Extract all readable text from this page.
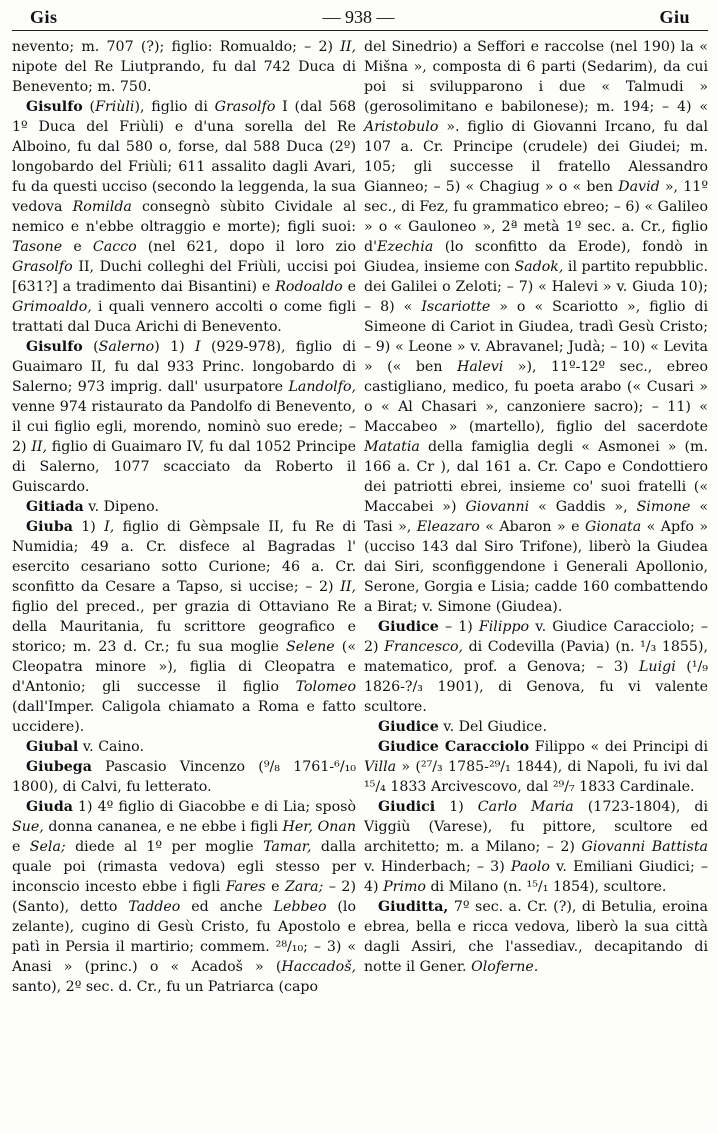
Gis	— 938 —	Giu

nevento; m. 707 (?); figlio: Romualdo; – 2) II, nipote del Re Liutprando, fu dal 742 Duca di Benevento; m. 750.

Gisulfo (Friùli), figlio di Grasolfo I (dal 568 1º Duca del Friùli) e d'una sorella del Re Alboino, fu dal 580 o, forse, dal 588 Duca (2º) longobardo del Friùli; 611 assalito dagli Avari, fu da questi ucciso (secondo la leggenda, la sua vedova Romilda consegnò sùbito Cividale al nemico e n'ebbe oltraggio e morte); figli suoi: Tasone e Cacco (nel 621, dopo il loro zio Grasolfo II, Duchi colleghi del Friùli, uccisi poi [631?] a tradimento dai Bisantini) e Rodoaldo e Grimoaldo, i quali vennero accolti o come figli trattati dal Duca Arichi di Benevento.

Gisulfo (Salerno) 1) I (929-978), figlio di Guaimaro II, fu dal 933 Princ. longobardo di Salerno; 973 imprig. dall' usurpatore Landolfo, venne 974 ristaurato da Pandolfo di Benevento, il cui figlio egli, morendo, nominò suo erede; – 2) II, figlio di Guaimaro IV, fu dal 1052 Principe di Salerno, 1077 scacciato da Roberto il Guiscardo.

Gitiada v. Dipeno.

Giuba 1) I, figlio di Gèmpsale II, fu Re di Numidia; 49 a. Cr. disfece al Bagradas l' esercito cesariano sotto Curione; 46 a. Cr. sconfitto da Cesare a Tapso, si uccise; – 2) II, figlio del preced., per grazia di Ottaviano Re della Mauritania, fu scrittore geografico e storico; m. 23 d. Cr.; fu sua moglie Selene (« Cleopatra minore »), figlia di Cleopatra e d'Antonio; gli successe il figlio Tolomeo (dall'Imper. Caligola chiamato a Roma e fatto uccidere).

Giubal v. Caino.

Giubega Pascasio Vincenzo (⁹/₈ 1761-⁶/₁₀ 1800), di Calvi, fu letterato.

Giuda 1) 4º figlio di Giacobbe e di Lia; sposò Sue, donna cananea, e ne ebbe i figli Her, Onan e Sela; diede al 1º per moglie Tamar, dalla quale poi (rimasta vedova) egli stesso per inconscio incesto ebbe i figli Fares e Zara; – 2) (Santo), detto Taddeo ed anche Lebbeo (lo zelante), cugino di Gesù Cristo, fu Apostolo e patì in Persia il martirio; commem. ²⁸/₁₀; – 3) « Anasi » (princ.) o « Acadoš » (Haccadoš, santo), 2º sec. d. Cr., fu un Patriarca (capo

del Sinedrio) a Seffori e raccolse (nel 190) la « Mišna », composta di 6 parti (Sedarim), da cui poi si svilupparono i due « Talmudi » (gerosolimitano e babilonese); m. 194; – 4) « Aristobulo ». figlio di Giovanni Ircano, fu dal 107 a. Cr. Principe (crudele) dei Giudei; m. 105; gli successe il fratello Alessandro Gianneo; – 5) « Chagiug » o « ben David », 11º sec., di Fez, fu grammatico ebreo; – 6) « Galileo » o « Gauloneo », 2ª metà 1º sec. a. Cr., figlio d'Ezechia (lo sconfitto da Erode), fondò in Giudea, insieme con Sadok, il partito repubblic. dei Galilei o Zeloti; – 7) « Halevi » v. Giuda 10); – 8) « Iscariotte » o « Scariotto », figlio di Simeone di Cariot in Giudea, tradì Gesù Cristo; – 9) « Leone » v. Abravanel; Judà; – 10) « Levita » (« ben Halevi »), 11º-12º sec., ebreo castigliano, medico, fu poeta arabo (« Cusari » o « Al Chasari », canzoniere sacro); – 11) « Maccabeo » (martello), figlio del sacerdote Matatia della famiglia degli « Asmonei » (m. 166 a. Cr ), dal 161 a. Cr. Capo e Condottiero dei patriotti ebrei, insieme co' suoi fratelli (« Maccabei ») Giovanni « Gaddis », Simone « Tasi », Eleazaro « Abaron » e Gionata « Apfo » (ucciso 143 dal Siro Trifone), liberò la Giudea dai Siri, sconfiggendone i Generali Apollonio, Serone, Gorgia e Lisia; cadde 160 combattendo a Birat; v. Simone (Giudea).

Giudice – 1) Filippo v. Giudice Caracciolo; – 2) Francesco, di Codevilla (Pavia) (n. ¹/₃ 1855), matematico, prof. a Genova; – 3) Luigi (¹/₉ 1826-?/₃ 1901), di Genova, fu vi valente scultore.

Giudice v. Del Giudice.

Giudice Caracciolo Filippo « dei Principi di Villa » (²⁷/₃ 1785-²⁹/₁ 1844), di Napoli, fu ivi dal ¹⁵/₄ 1833 Arcivescovo, dal ²⁹/₇ 1833 Cardinale.

Giudici 1) Carlo Maria (1723-1804), di Viggiù (Varese), fu pittore, scultore ed architetto; m. a Milano; – 2) Giovanni Battista v. Hinderbach; – 3) Paolo v. Emiliani Giudici; – 4) Primo di Milano (n. ¹⁵/₁ 1854), scultore.

Giuditta, 7º sec. a. Cr. (?), di Betulia, eroina ebrea, bella e ricca vedova, liberò la sua città dagli Assiri, che l'assediav., decapitando di notte il Gener. Oloferne.
